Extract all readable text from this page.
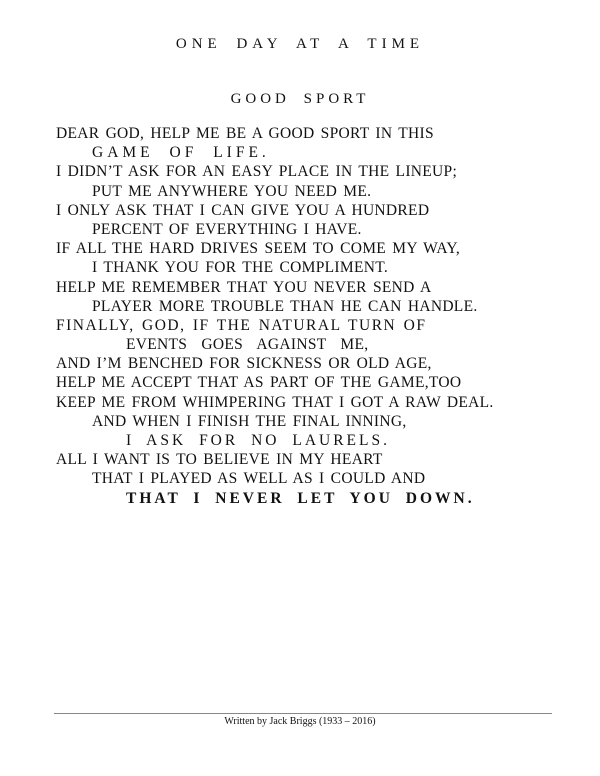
ONE DAY AT A TIME
GOOD SPORT
DEAR GOD, HELP ME BE A GOOD SPORT IN THIS
GAME OF LIFE.
I DIDN’T ASK FOR AN EASY PLACE IN THE LINEUP;
PUT ME ANYWHERE YOU NEED ME.
I ONLY ASK THAT I CAN GIVE YOU A HUNDRED
PERCENT OF EVERYTHING I HAVE.
IF ALL THE HARD DRIVES SEEM TO COME MY WAY,
I THANK YOU FOR THE COMPLIMENT.
HELP ME REMEMBER THAT YOU NEVER SEND A
PLAYER MORE TROUBLE THAN HE CAN HANDLE.
FINALLY, GOD, IF THE NATURAL TURN OF
EVENTS GOES AGAINST ME,
AND I’M BENCHED FOR SICKNESS OR OLD AGE,
HELP ME ACCEPT THAT AS PART OF THE GAME,TOO
KEEP ME FROM WHIMPERING THAT I GOT A RAW DEAL.
AND WHEN I FINISH THE FINAL INNING,
I ASK FOR NO LAURELS.
ALL I WANT IS TO BELIEVE IN MY HEART
THAT I PLAYED AS WELL AS I COULD AND
THAT I NEVER LET YOU DOWN.
Written by Jack Briggs (1933 – 2016)
